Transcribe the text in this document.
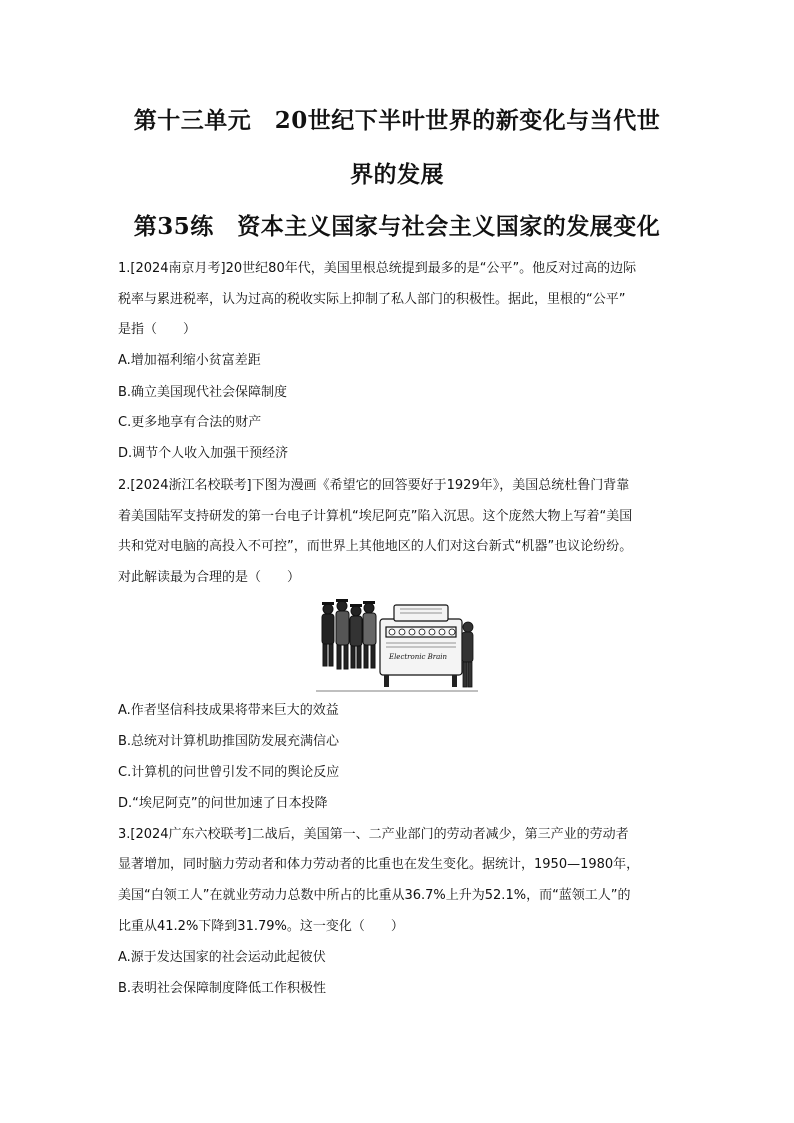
第十三单元　20世纪下半叶世界的新变化与当代世
界的发展
第35练　资本主义国家与社会主义国家的发展变化
1.[2024南京月考]20世纪80年代，美国里根总统提到最多的是“公平”。他反对过高的边际
税率与累进税率，认为过高的税收实际上抑制了私人部门的积极性。据此，里根的“公平”
是指（　　）
A.增加福利缩小贫富差距
B.确立美国现代社会保障制度
C.更多地享有合法的财产
D.调节个人收入加强干预经济
2.[2024浙江名校联考]下图为漫画《希望它的回答要好于1929年》，美国总统杜鲁门背靠
着美国陆军支持研发的第一台电子计算机“埃尼阿克”陷入沉思。这个庞然大物上写着“美国
共和党对电脑的高投入不可控”，而世界上其他地区的人们对这台新式“机器”也议论纷纷。
对此解读最为合理的是（　　）
Electronic Brain
A.作者坚信科技成果将带来巨大的效益
B.总统对计算机助推国防发展充满信心
C.计算机的问世曾引发不同的舆论反应
D.“埃尼阿克”的问世加速了日本投降
3.[2024广东六校联考]二战后，美国第一、二产业部门的劳动者减少，第三产业的劳动者
显著增加，同时脑力劳动者和体力劳动者的比重也在发生变化。据统计，1950—1980年，
美国“白领工人”在就业劳动力总数中所占的比重从36.7%上升为52.1%，而“蓝领工人”的
比重从41.2%下降到31.79%。这一变化（　　）
A.源于发达国家的社会运动此起彼伏
B.表明社会保障制度降低工作积极性
